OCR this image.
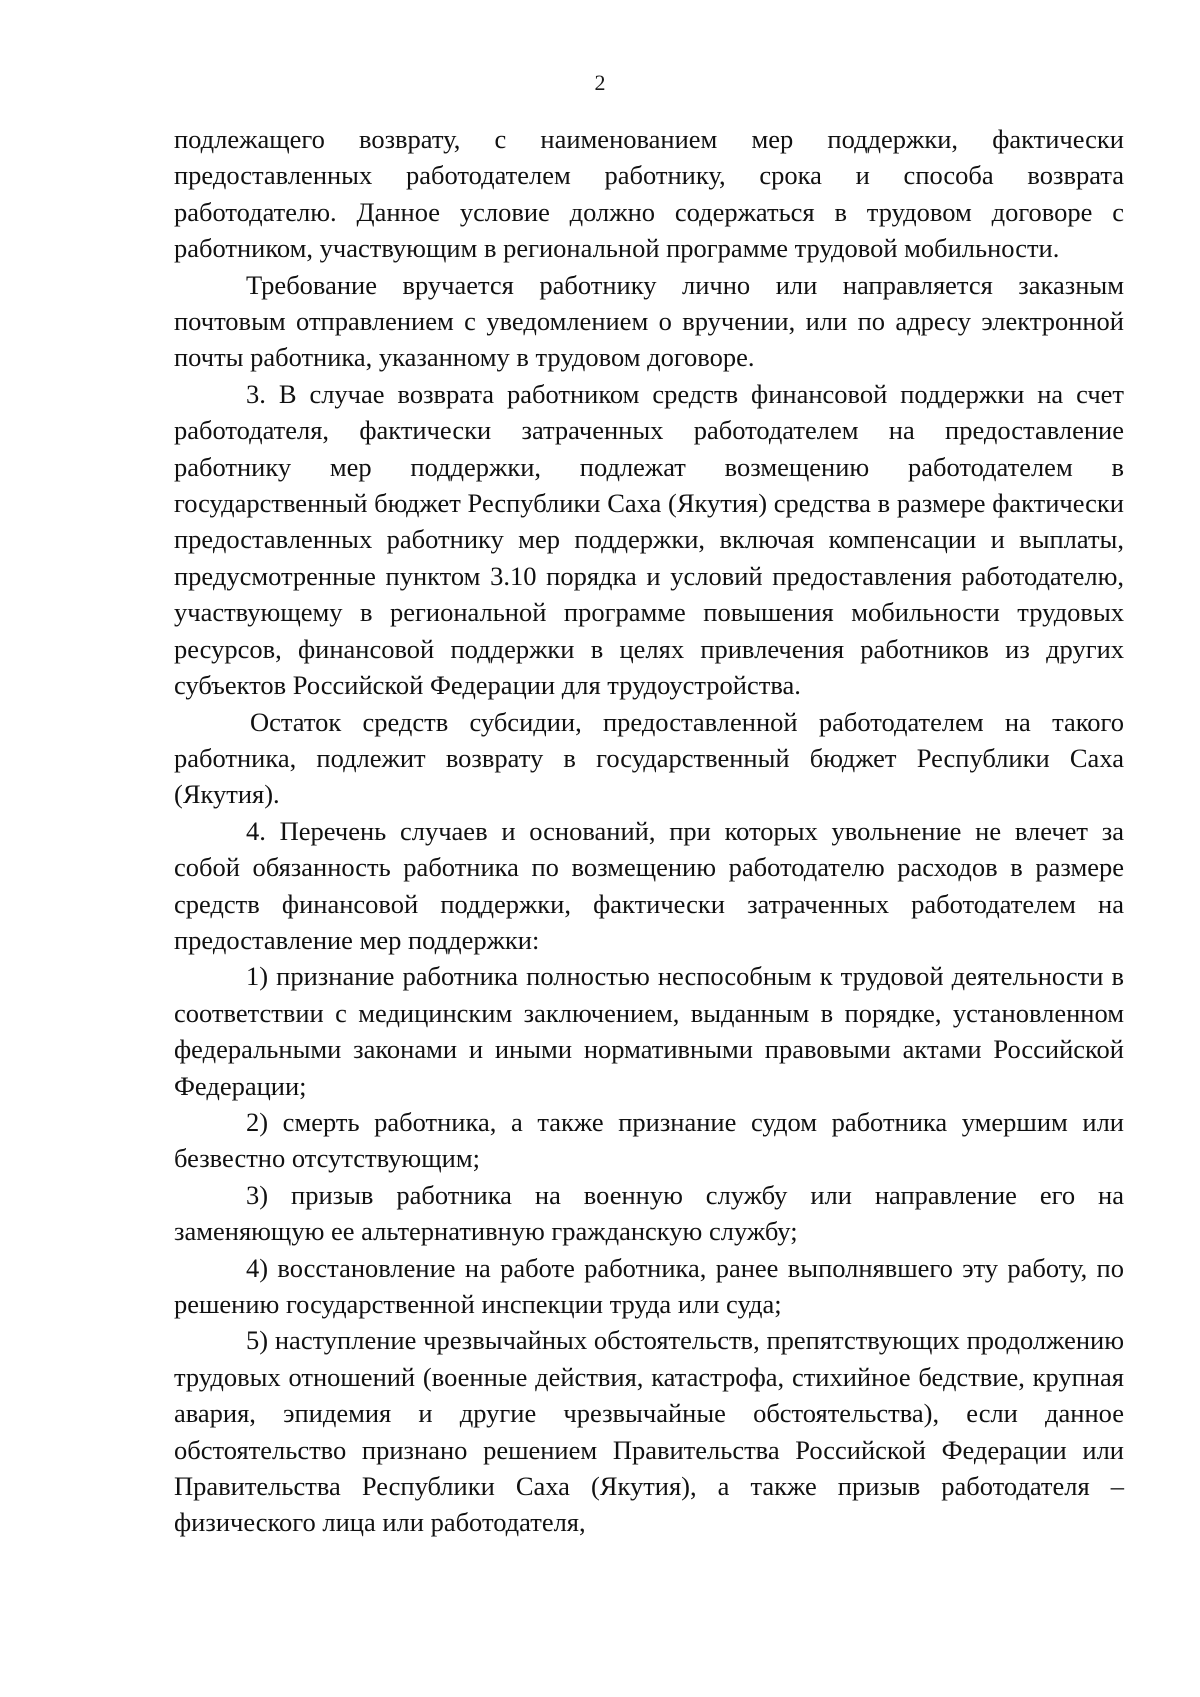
2

подлежащего возврату, с наименованием мер поддержки, фактически предоставленных работодателем работнику, срока и способа возврата работодателю. Данное условие должно содержаться в трудовом договоре с работником, участвующим в региональной программе трудовой мобильности.

Требование вручается работнику лично или направляется заказным почтовым отправлением с уведомлением о вручении, или по адресу электронной почты работника, указанному в трудовом договоре.

3. В случае возврата работником средств финансовой поддержки на счет работодателя, фактически затраченных работодателем на предоставление работнику мер поддержки, подлежат возмещению работодателем в государственный бюджет Республики Саха (Якутия) средства в размере фактически предоставленных работнику мер поддержки, включая компенсации и выплаты, предусмотренные пунктом 3.10 порядка и условий предоставления работодателю, участвующему в региональной программе повышения мобильности трудовых ресурсов, финансовой поддержки в целях привлечения работников из других субъектов Российской Федерации для трудоустройства.

Остаток средств субсидии, предоставленной работодателем на такого работника, подлежит возврату в государственный бюджет Республики Саха (Якутия).

4. Перечень случаев и оснований, при которых увольнение не влечет за собой обязанность работника по возмещению работодателю расходов в размере средств финансовой поддержки, фактически затраченных работодателем на предоставление мер поддержки:

1) признание работника полностью неспособным к трудовой деятельности в соответствии с медицинским заключением, выданным в порядке, установленном федеральными законами и иными нормативными правовыми актами Российской Федерации;

2) смерть работника, а также признание судом работника умершим или безвестно отсутствующим;

3) призыв работника на военную службу или направление его на заменяющую ее альтернативную гражданскую службу;

4) восстановление на работе работника, ранее выполнявшего эту работу, по решению государственной инспекции труда или суда;

5) наступление чрезвычайных обстоятельств, препятствующих продолжению трудовых отношений (военные действия, катастрофа, стихийное бедствие, крупная авария, эпидемия и другие чрезвычайные обстоятельства), если данное обстоятельство признано решением Правительства Российской Федерации или Правительства Республики Саха (Якутия), а также призыв работодателя – физического лица или работодателя,
